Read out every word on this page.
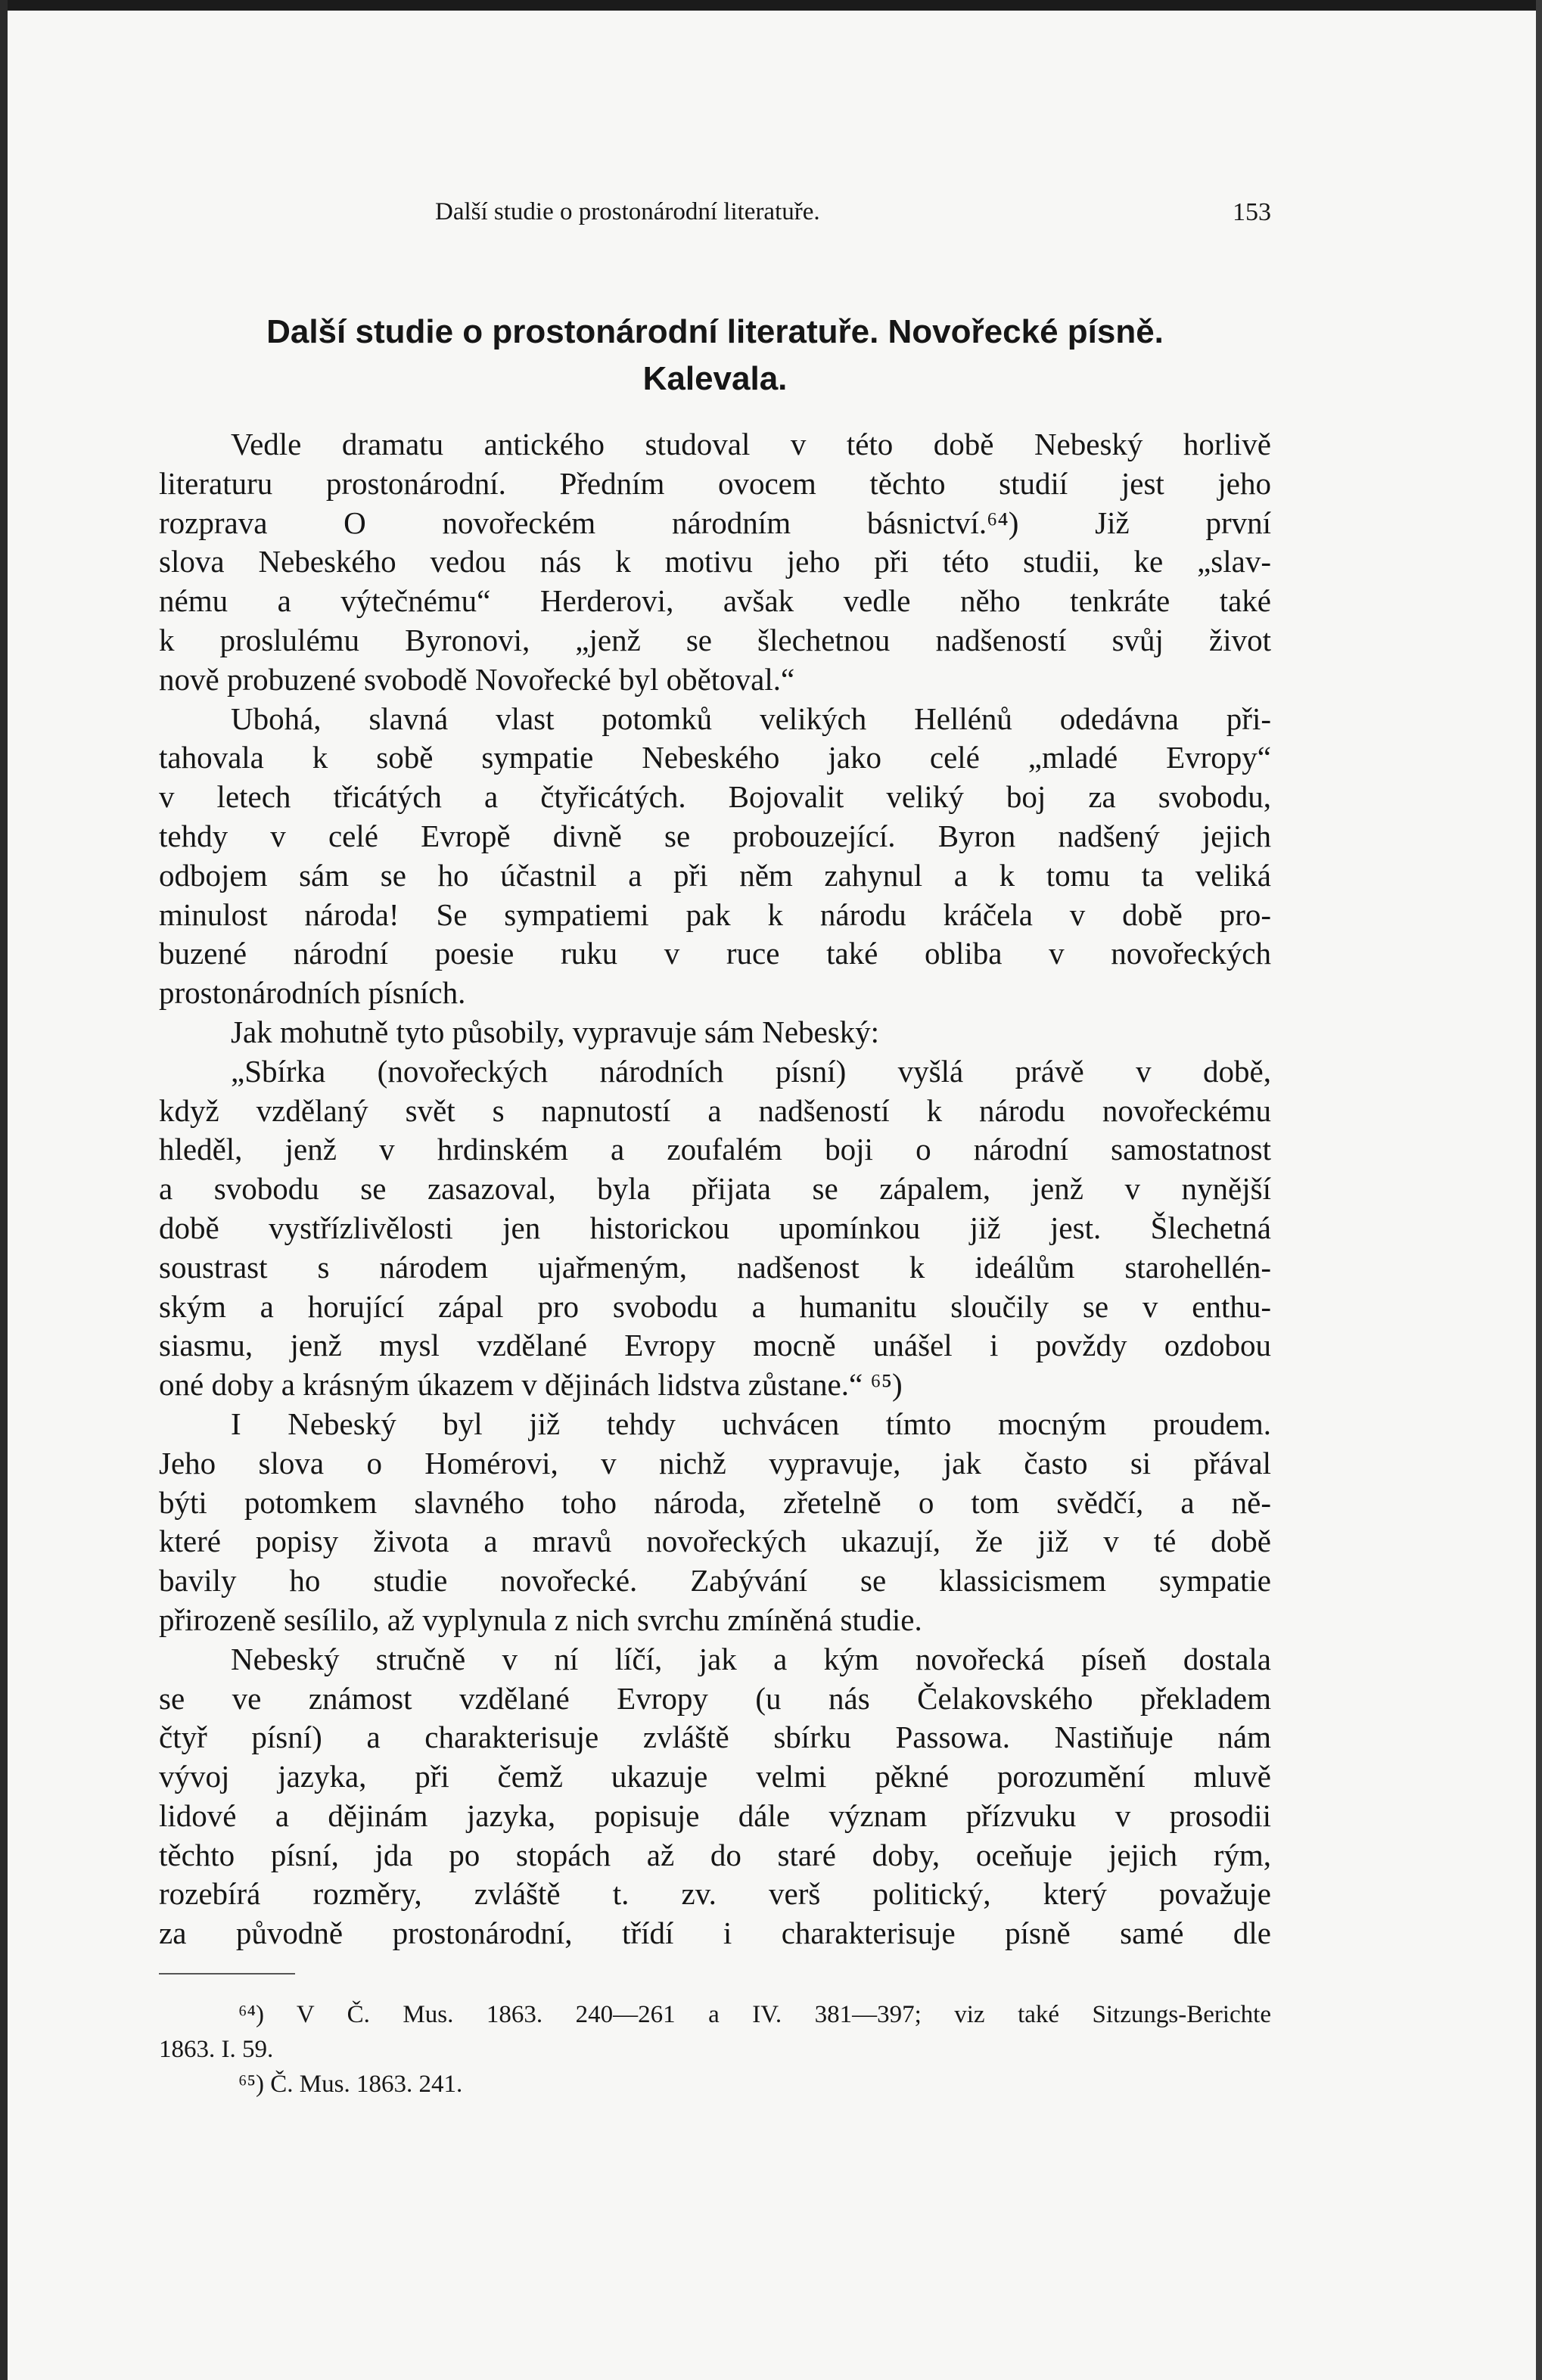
Další studie o prostonárodní literatuře.	153
Další studie o prostonárodní literatuře. Novořecké písně.
Kalevala.
Vedle dramatu antického studoval v této době Nebeský horlivě
literaturu prostonárodní. Předním ovocem těchto studií jest jeho
rozprava O novořeckém národním básnictví.⁶⁴) Již první
slova Nebeského vedou nás k motivu jeho při této studii, ke „slav-
nému a výtečnému“ Herderovi, avšak vedle něho tenkráte také
k proslulému Byronovi, „jenž se šlechetnou nadšeností svůj život
nově probuzené svobodě Novořecké byl obětoval.“
Ubohá, slavná vlast potomků velikých Hellénů odedávna při-
tahovala k sobě sympatie Nebeského jako celé „mladé Evropy“
v letech třicátých a čtyřicátých. Bojovalit veliký boj za svobodu,
tehdy v celé Evropě divně se probouzející. Byron nadšený jejich
odbojem sám se ho účastnil a při něm zahynul a k tomu ta veliká
minulost národa! Se sympatiemi pak k národu kráčela v době pro-
buzené národní poesie ruku v ruce také obliba v novořeckých
prostonárodních písních.
Jak mohutně tyto působily, vypravuje sám Nebeský:
„Sbírka (novořeckých národních písní) vyšlá právě v době,
když vzdělaný svět s napnutostí a nadšeností k národu novořeckému
hleděl, jenž v hrdinském a zoufalém boji o národní samostatnost
a svobodu se zasazoval, byla přijata se zápalem, jenž v nynější
době vystřízlivělosti jen historickou upomínkou již jest. Šlechetná
soustrast s národem ujařmeným, nadšenost k ideálům starohellén-
ským a horující zápal pro svobodu a humanitu sloučily se v enthu-
siasmu, jenž mysl vzdělané Evropy mocně unášel i povždy ozdobou
oné doby a krásným úkazem v dějinách lidstva zůstane.“ ⁶⁵)
I Nebeský byl již tehdy uchvácen tímto mocným proudem.
Jeho slova o Homérovi, v nichž vypravuje, jak často si přával
býti potomkem slavného toho národa, zřetelně o tom svědčí, a ně-
které popisy života a mravů novořeckých ukazují, že již v té době
bavily ho studie novořecké. Zabývání se klassicismem sympatie
přirozeně sesílilo, až vyplynula z nich svrchu zmíněná studie.
Nebeský stručně v ní líčí, jak a kým novořecká píseň dostala
se ve známost vzdělané Evropy (u nás Čelakovského překladem
čtyř písní) a charakterisuje zvláště sbírku Passowa. Nastiňuje nám
vývoj jazyka, při čemž ukazuje velmi pěkné porozumění mluvě
lidové a dějinám jazyka, popisuje dále význam přízvuku v prosodii
těchto písní, jda po stopách až do staré doby, oceňuje jejich rým,
rozebírá rozměry, zvláště t. zv. verš politický, který považuje
za původně prostonárodní, třídí i charakterisuje písně samé dle
⁶⁴) V Č. Mus. 1863. 240—261 a IV. 381—397; viz také Sitzungs-Berichte
1863. I. 59.
⁶⁵) Č. Mus. 1863. 241.
